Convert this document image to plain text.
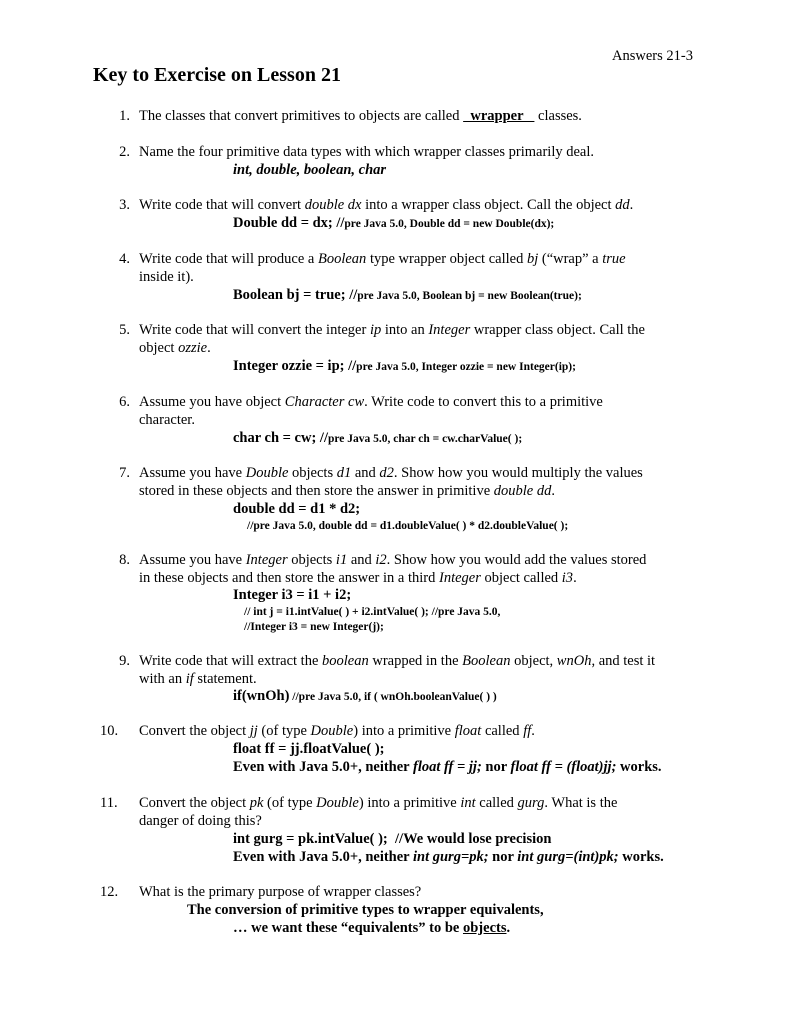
Answers 21-3
Key to Exercise on Lesson 21
1. The classes that convert primitives to objects are called   wrapper    classes.
2. Name the four primitive data types with which wrapper classes primarily deal.
int, double, boolean, char
3. Write code that will convert double dx into a wrapper class object. Call the object dd.
Double dd = dx; //pre Java 5.0, Double dd = new Double(dx);
4. Write code that will produce a Boolean type wrapper object called bj (“wrap” a true
inside it).
Boolean bj = true; //pre Java 5.0, Boolean bj = new Boolean(true);
5. Write code that will convert the integer ip into an Integer wrapper class object. Call the
object ozzie.
Integer ozzie = ip; //pre Java 5.0, Integer ozzie = new Integer(ip);
6. Assume you have object Character cw. Write code to convert this to a primitive
character.
char ch = cw; //pre Java 5.0, char ch = cw.charValue( );
7. Assume you have Double objects d1 and d2. Show how you would multiply the values
stored in these objects and then store the answer in primitive double dd.
double dd = d1 * d2;
//pre Java 5.0, double dd = d1.doubleValue( ) * d2.doubleValue( );
8. Assume you have Integer objects i1 and i2. Show how you would add the values stored
in these objects and then store the answer in a third Integer object called i3.
Integer i3 = i1 + i2;
// int j = i1.intValue( ) + i2.intValue( ); //pre Java 5.0,
//Integer i3 = new Integer(j);
9. Write code that will extract the boolean wrapped in the Boolean object, wnOh, and test it
with an if statement.
if(wnOh) //pre Java 5.0, if ( wnOh.booleanValue( ) )
10.	Convert the object jj (of type Double) into a primitive float called ff.
float ff = jj.floatValue( );
Even with Java 5.0+, neither float ff = jj; nor float ff = (float)jj; works.
11.	Convert the object pk (of type Double) into a primitive int called gurg. What is the
danger of doing this?
int gurg = pk.intValue( );  //We would lose precision
Even with Java 5.0+, neither int gurg=pk; nor int gurg=(int)pk; works.
12.	What is the primary purpose of wrapper classes?
The conversion of primitive types to wrapper equivalents,
… we want these “equivalents” to be objects.
